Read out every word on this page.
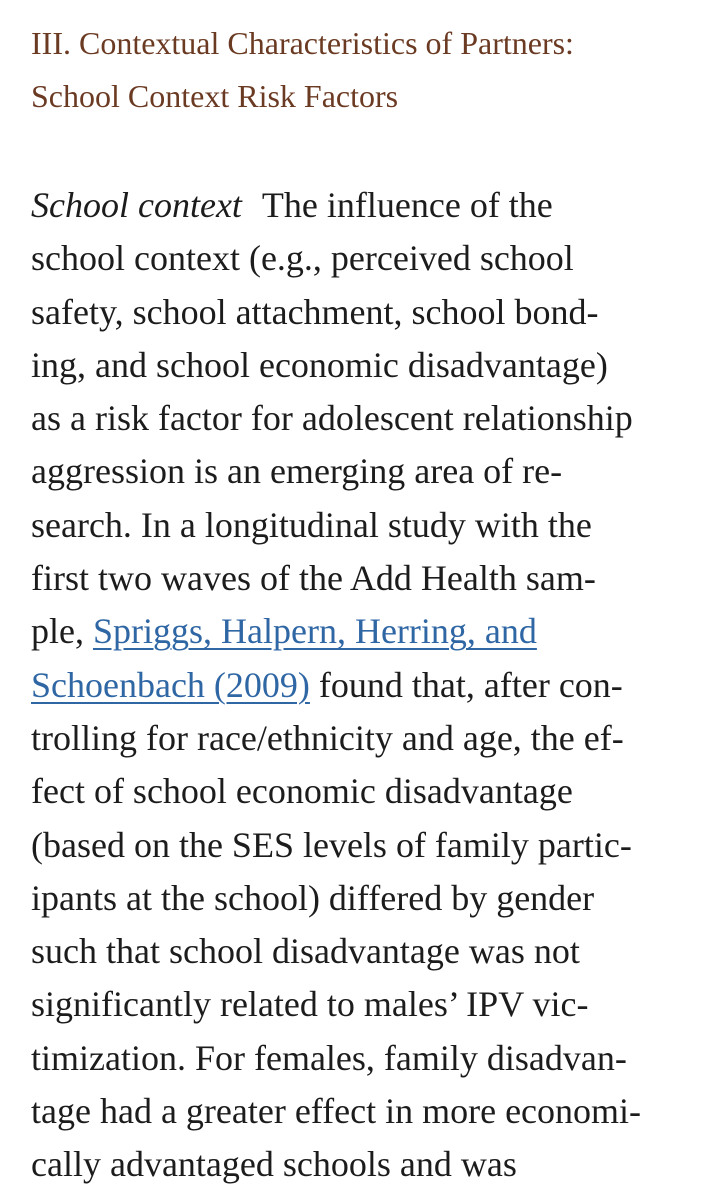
III. Contextual Characteristics of Partners:
School Context Risk Factors
School context The influence of the
school context (e.g., perceived school
safety, school attachment, school bond-
ing, and school economic disadvantage)
as a risk factor for adolescent relationship
aggression is an emerging area of re-
search. In a longitudinal study with the
first two waves of the Add Health sam-
ple, Spriggs, Halpern, Herring, and
Schoenbach (2009) found that, after con-
trolling for race/ethnicity and age, the ef-
fect of school economic disadvantage
(based on the SES levels of family partic-
ipants at the school) differed by gender
such that school disadvantage was not
significantly related to males’ IPV vic-
timization. For females, family disadvan-
tage had a greater effect in more economi-
cally advantaged schools and was
